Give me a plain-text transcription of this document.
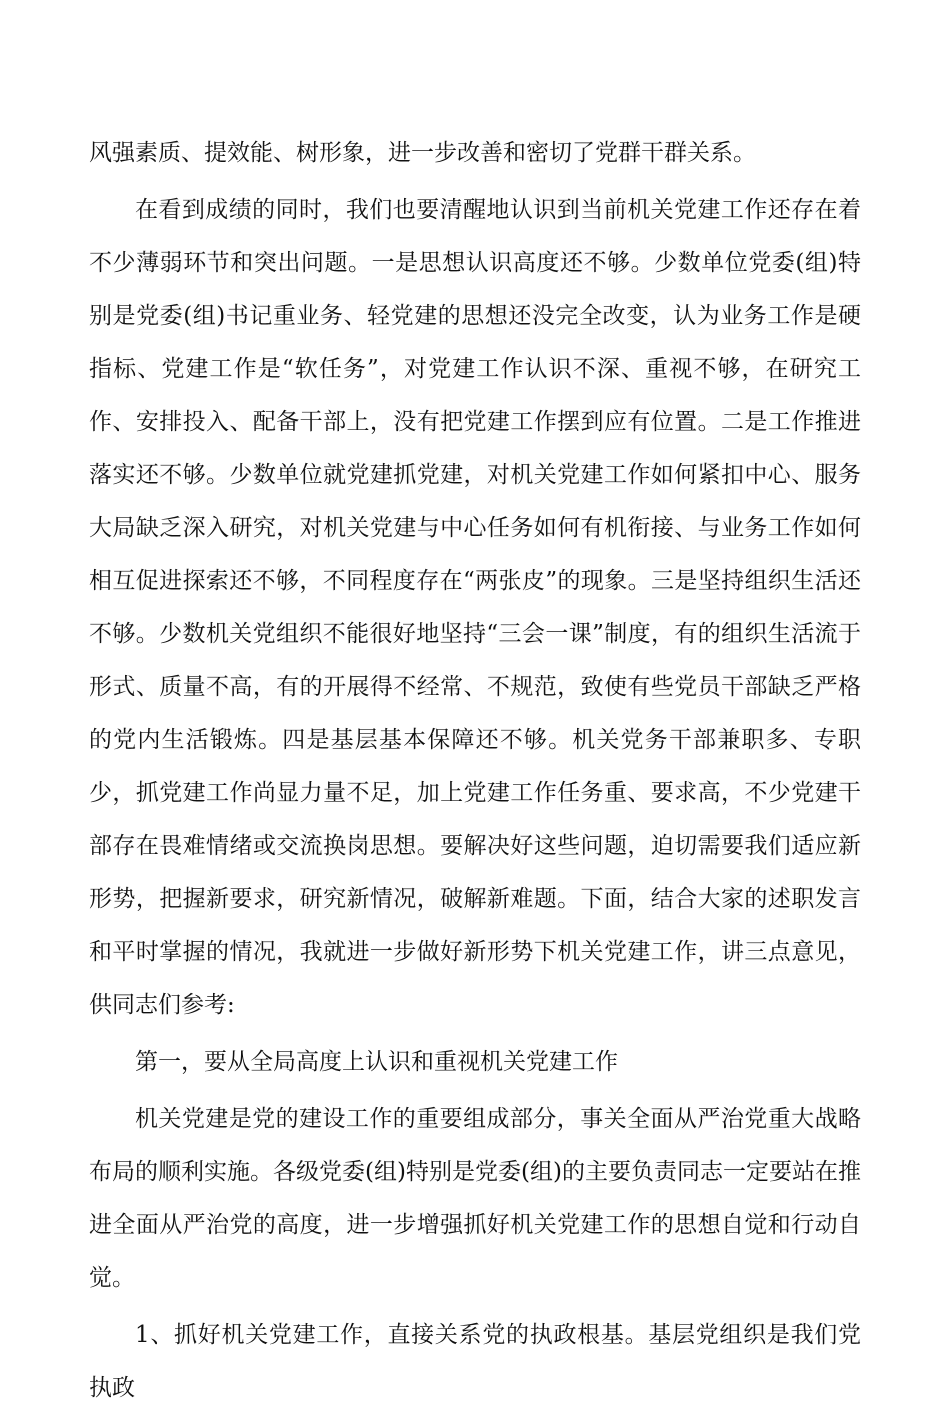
风强素质、提效能、树形象，进一步改善和密切了党群干群关系。

在看到成绩的同时，我们也要清醒地认识到当前机关党建工作还存在着不少薄弱环节和突出问题。一是思想认识高度还不够。少数单位党委(组)特别是党委(组)书记重业务、轻党建的思想还没完全改变，认为业务工作是硬指标、党建工作是“软任务”，对党建工作认识不深、重视不够，在研究工作、安排投入、配备干部上，没有把党建工作摆到应有位置。二是工作推进落实还不够。少数单位就党建抓党建，对机关党建工作如何紧扣中心、服务大局缺乏深入研究，对机关党建与中心任务如何有机衔接、与业务工作如何相互促进探索还不够，不同程度存在“两张皮”的现象。三是坚持组织生活还不够。少数机关党组织不能很好地坚持“三会一课”制度，有的组织生活流于形式、质量不高，有的开展得不经常、不规范，致使有些党员干部缺乏严格的党内生活锻炼。四是基层基本保障还不够。机关党务干部兼职多、专职少，抓党建工作尚显力量不足，加上党建工作任务重、要求高，不少党建干部存在畏难情绪或交流换岗思想。要解决好这些问题，迫切需要我们适应新形势，把握新要求，研究新情况，破解新难题。下面，结合大家的述职发言和平时掌握的情况，我就进一步做好新形势下机关党建工作，讲三点意见，供同志们参考:

第一，要从全局高度上认识和重视机关党建工作

机关党建是党的建设工作的重要组成部分，事关全面从严治党重大战略布局的顺利实施。各级党委(组)特别是党委(组)的主要负责同志一定要站在推进全面从严治党的高度，进一步增强抓好机关党建工作的思想自觉和行动自觉。

1、抓好机关党建工作，直接关系党的执政根基。基层党组织是我们党执政
